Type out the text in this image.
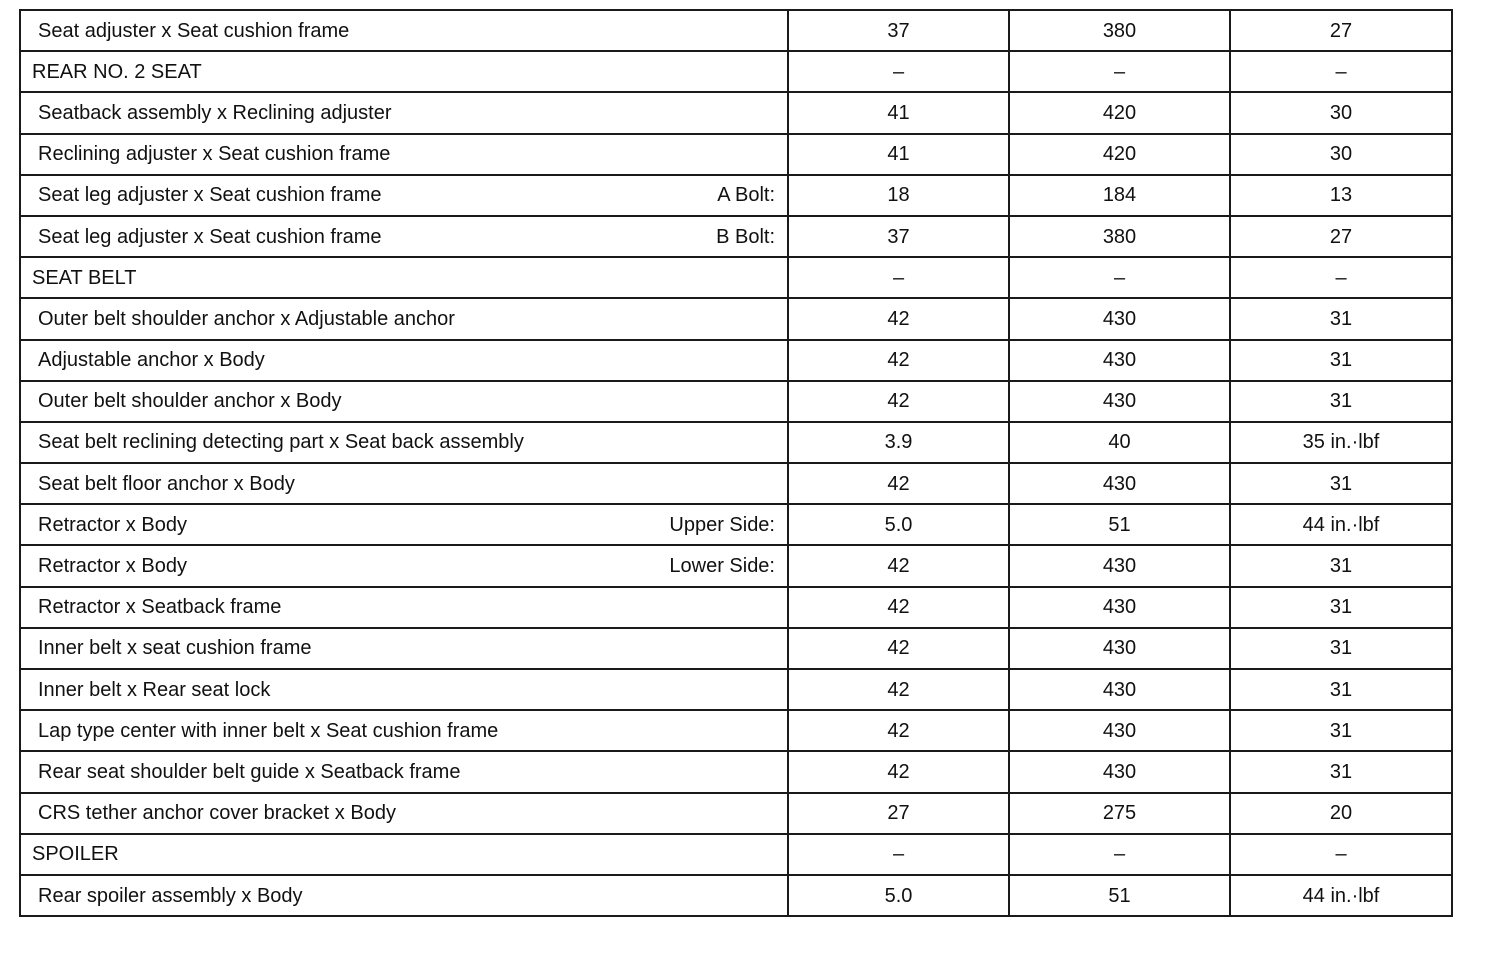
Seat adjuster x Seat cushion frame	37	380	27

REAR NO. 2 SEAT	–	–	–

Seatback assembly x Reclining adjuster	41	420	30

Reclining adjuster x Seat cushion frame	41	420	30

Seat leg adjuster x Seat cushion frame A Bolt:	18	184	13

Seat leg adjuster x Seat cushion frame B Bolt:	37	380	27

SEAT BELT	–	–	–

Outer belt shoulder anchor x Adjustable anchor	42	430	31

Adjustable anchor x Body	42	430	31

Outer belt shoulder anchor x Body	42	430	31

Seat belt reclining detecting part x Seat back assembly	3.9	40	35 in.·lbf

Seat belt floor anchor x Body	42	430	31

Retractor x Body Upper Side:	5.0	51	44 in.·lbf

Retractor x Body Lower Side:	42	430	31

Retractor x Seatback frame	42	430	31

Inner belt x seat cushion frame	42	430	31

Inner belt x Rear seat lock	42	430	31

Lap type center with inner belt x Seat cushion frame	42	430	31

Rear seat shoulder belt guide x Seatback frame	42	430	31

CRS tether anchor cover bracket x Body	27	275	20

SPOILER	–	–	–

Rear spoiler assembly x Body	5.0	51	44 in.·lbf
